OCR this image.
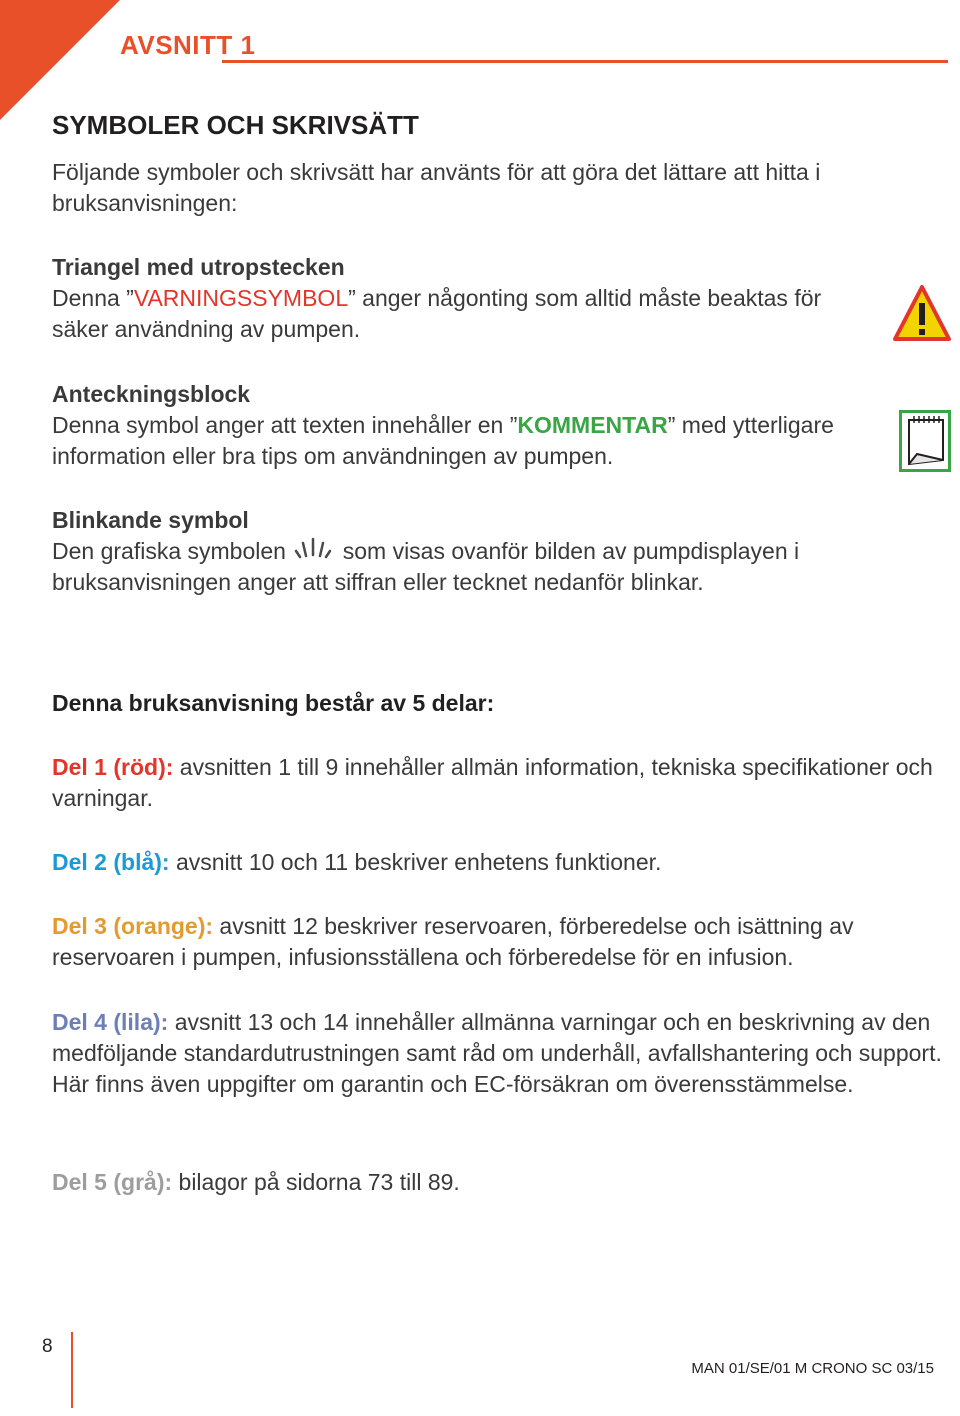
AVSNITT 1
SYMBOLER OCH SKRIVSÄTT
Följande symboler och skrivsätt har använts för att göra det lättare att hitta i bruksanvisningen:
Triangel med utropstecken
Denna ”VARNINGSSYMBOL” anger någonting som alltid måste beaktas för säker användning av pumpen.
Anteckningsblock
Denna symbol anger att texten innehåller en ”KOMMENTAR” med ytterligare information eller bra tips om användningen av pumpen.
Blinkande symbol
Den grafiska symbolen som visas ovanför bilden av pumpdisplayen i bruksanvisningen anger att siffran eller tecknet nedanför blinkar.
Denna bruksanvisning består av 5 delar:
Del 1 (röd): avsnitten 1 till 9 innehåller allmän information, tekniska specifikationer och varningar.
Del 2 (blå): avsnitt 10 och 11 beskriver enhetens funktioner.
Del 3 (orange): avsnitt 12 beskriver reservoaren, förberedelse och isättning av reservoaren i pumpen, infusionsställena och förberedelse för en infusion.
Del 4 (lila): avsnitt 13 och 14 innehåller allmänna varningar och en beskrivning av den medföljande standardutrustningen samt råd om underhåll, avfallshantering och support. Här finns även uppgifter om garantin och EC-försäkran om överensstämmelse.
Del 5 (grå): bilagor på sidorna 73 till 89.
8
MAN 01/SE/01 M CRONO SC 03/15
